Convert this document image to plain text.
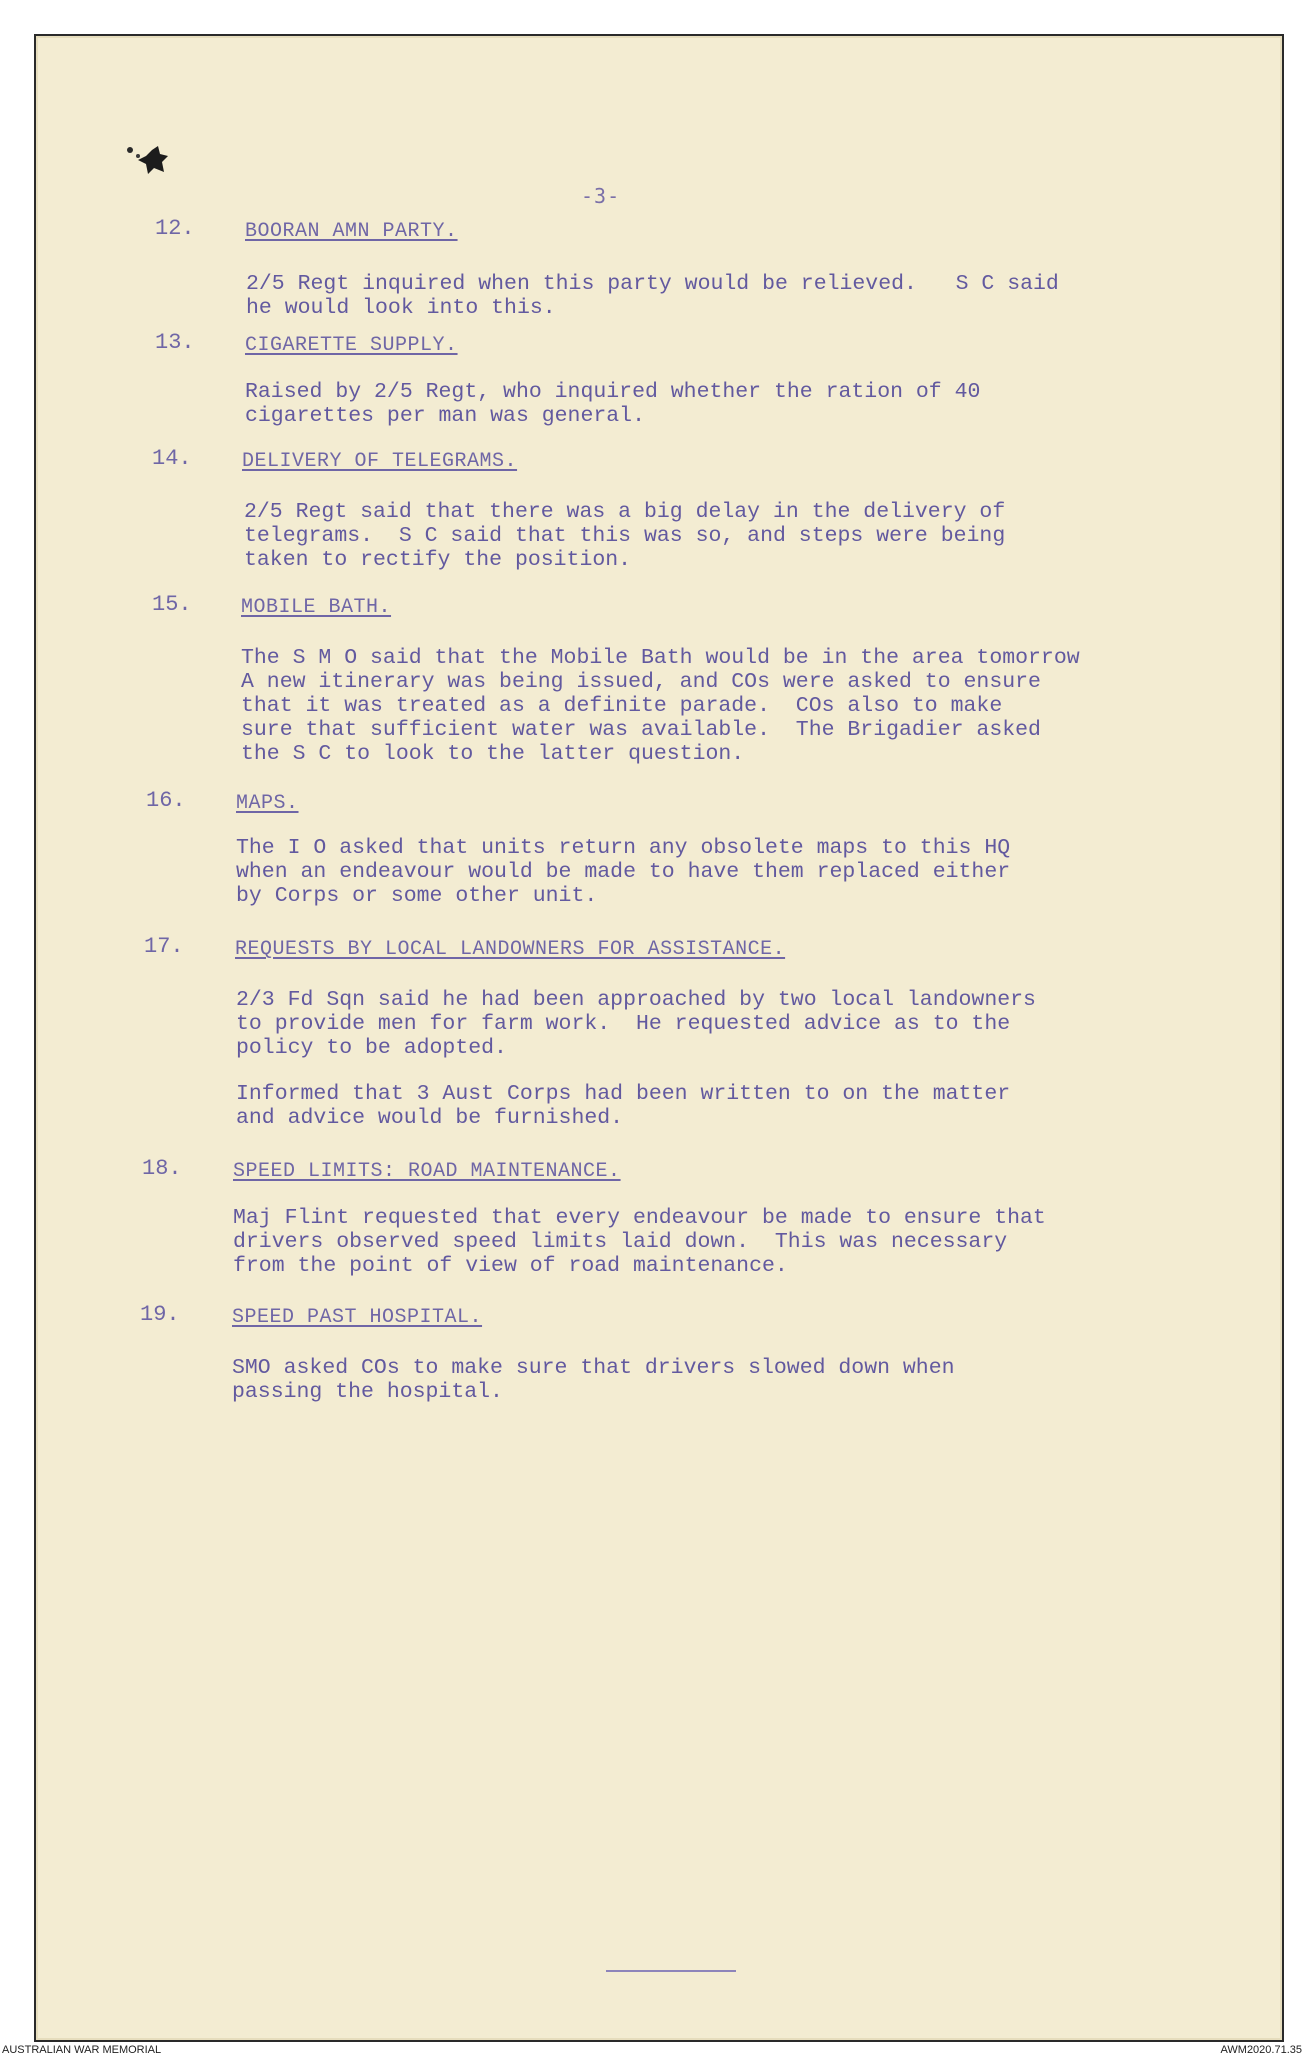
-3-
12.	BOORAN AMN PARTY.
2/5 Regt inquired when this party would be relieved.   S C said
he would look into this.
13.	CIGARETTE SUPPLY.
Raised by 2/5 Regt, who inquired whether the ration of 40
cigarettes per man was general.
14.	DELIVERY OF TELEGRAMS.
2/5 Regt said that there was a big delay in the delivery of
telegrams.  S C said that this was so, and steps were being
taken to rectify the position.
15. MOBILE BATH.
The S M O said that the Mobile Bath would be in the area tomorrow
A new itinerary was being issued, and COs were asked to ensure
that it was treated as a definite parade.  COs also to make
sure that sufficient water was available.  The Brigadier asked
the S C to look to the latter question.
16.	MAPS.
The I O asked that units return any obsolete maps to this HQ
when an endeavour would be made to have them replaced either
by Corps or some other unit.
17.	REQUESTS BY LOCAL LANDOWNERS FOR ASSISTANCE.
2/3 Fd Sqn said he had been approached by two local landowners
to provide men for farm work.  He requested advice as to the
policy to be adopted.
Informed that 3 Aust Corps had been written to on the matter
and advice would be furnished.
18.	SPEED LIMITS: ROAD MAINTENANCE.
Maj Flint requested that every endeavour be made to ensure that
drivers observed speed limits laid down.  This was necessary
from the point of view of road maintenance.
19.	SPEED PAST HOSPITAL.
SMO asked COs to make sure that drivers slowed down when
passing the hospital.
AUSTRALIAN WAR MEMORIAL	AWM2020.71.35
